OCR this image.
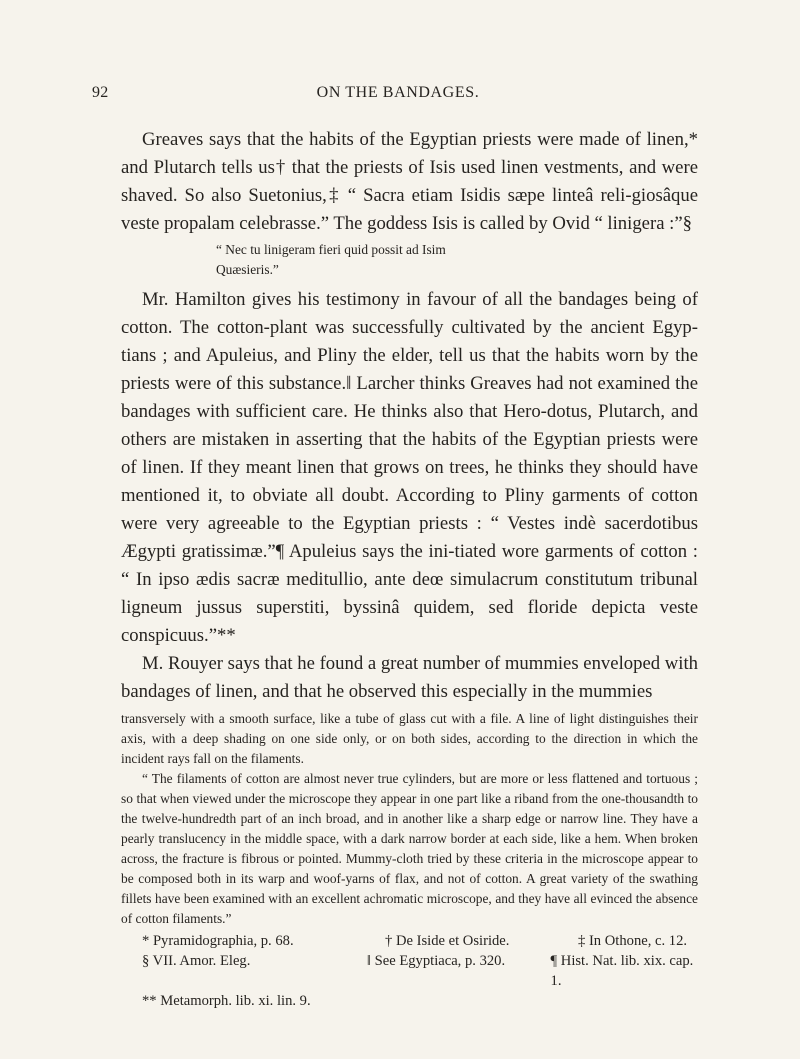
92	ON THE BANDAGES.

Greaves says that the habits of the Egyptian priests were made of linen,* and Plutarch tells us† that the priests of Isis used linen vestments, and were shaved. So also Suetonius,‡ “ Sacra etiam Isidis sæpe linteâ reli-giosâque veste propalam celebrasse.” The goddess Isis is called by Ovid “ linigera :”§

“ Nec tu linigeram fieri quid possit ad Isim
Quæsieris.”

Mr. Hamilton gives his testimony in favour of all the bandages being of cotton. The cotton-plant was successfully cultivated by the ancient Egyp-tians ; and Apuleius, and Pliny the elder, tell us that the habits worn by the priests were of this substance.‖ Larcher thinks Greaves had not examined the bandages with sufficient care. He thinks also that Hero-dotus, Plutarch, and others are mistaken in asserting that the habits of the Egyptian priests were of linen. If they meant linen that grows on trees, he thinks they should have mentioned it, to obviate all doubt. According to Pliny garments of cotton were very agreeable to the Egyptian priests : “ Vestes indè sacerdotibus Ægypti gratissimæ.”¶ Apuleius says the ini-tiated wore garments of cotton : “ In ipso ædis sacræ meditullio, ante deœ simulacrum constitutum tribunal ligneum jussus superstiti, byssinâ quidem, sed floride depicta veste conspicuus.”**

M. Rouyer says that he found a great number of mummies enveloped with bandages of linen, and that he observed this especially in the mummies

transversely with a smooth surface, like a tube of glass cut with a file. A line of light distinguishes their axis, with a deep shading on one side only, or on both sides, according to the direction in which the incident rays fall on the filaments.

“ The filaments of cotton are almost never true cylinders, but are more or less flattened and tortuous ; so that when viewed under the microscope they appear in one part like a riband from the one-thousandth to the twelve-hundredth part of an inch broad, and in another like a sharp edge or narrow line. They have a pearly translucency in the middle space, with a dark narrow border at each side, like a hem. When broken across, the fracture is fibrous or pointed. Mummy-cloth tried by these criteria in the microscope appear to be composed both in its warp and woof-yarns of flax, and not of cotton. A great variety of the swathing fillets have been examined with an excellent achromatic microscope, and they have all evinced the absence of cotton filaments.”

* Pyramidographia, p. 68.	† De Iside et Osiride.	‡ In Othone, c. 12.
§ VII. Amor. Eleg.	‖ See Egyptiaca, p. 320.	¶ Hist. Nat. lib. xix. cap. 1.
** Metamorph. lib. xi. lin. 9.
